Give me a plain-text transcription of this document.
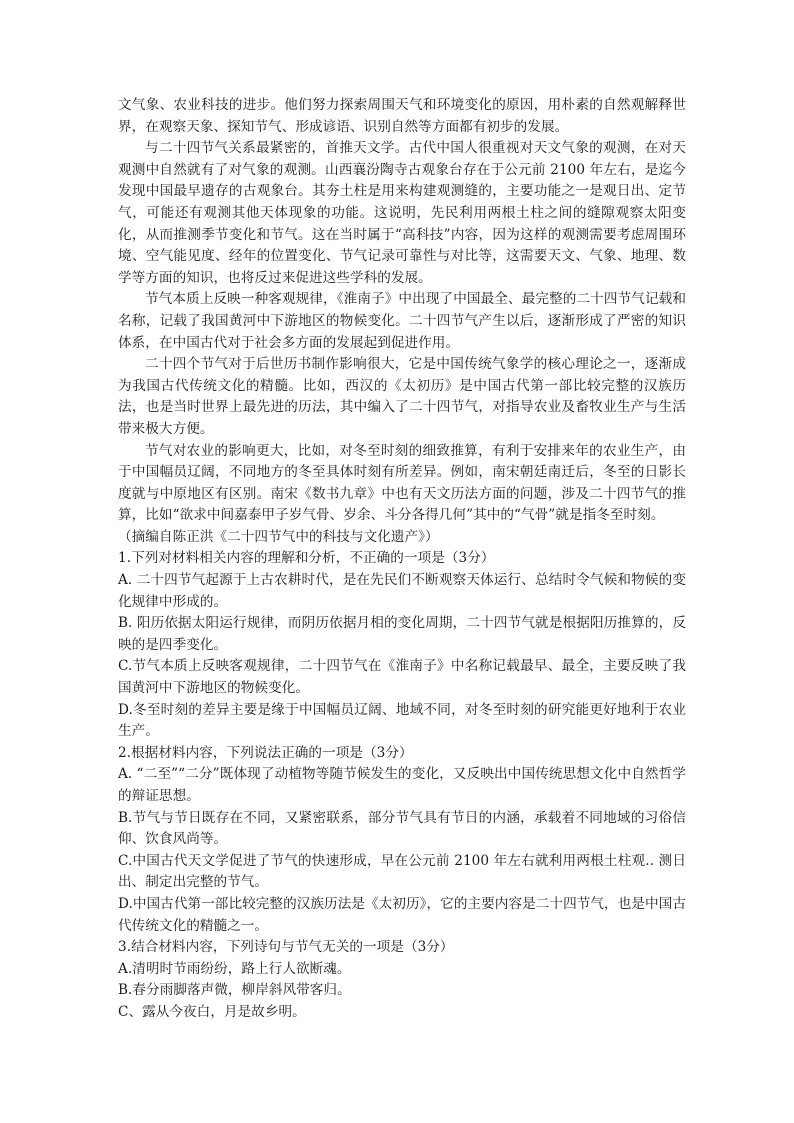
文气象、农业科技的进步。他们努力探索周围天气和环境变化的原因，用朴素的自然观解释世界，在观察天象、探知节气、形成谚语、识别自然等方面都有初步的发展。

与二十四节气关系最紧密的，首推天文学。古代中国人很重视对天文气象的观测，在对天观测中自然就有了对气象的观测。山西襄汾陶寺古观象台存在于公元前 2100 年左右，是迄今发现中国最早遗存的古观象台。其夯土柱是用来构建观测缝的，主要功能之一是观日出、定节气，可能还有观测其他天体现象的功能。这说明，先民利用两根土柱之间的缝隙观察太阳变化，从而推测季节变化和节气。这在当时属于“高科技”内容，因为这样的观测需要考虑周围环境、空气能见度、经年的位置变化、节气记录可靠性与对比等，这需要天文、气象、地理、数学等方面的知识，也将反过来促进这些学科的发展。

节气本质上反映一种客观规律，《淮南子》中出现了中国最全、最完整的二十四节气记载和名称，记载了我国黄河中下游地区的物候变化。二十四节气产生以后，逐渐形成了严密的知识体系，在中国古代对于社会多方面的发展起到促进作用。

二十四个节气对于后世历书制作影响很大，它是中国传统气象学的核心理论之一，逐渐成为我国古代传统文化的精髓。比如，西汉的《太初历》是中国古代第一部比较完整的汉族历法，也是当时世界上最先进的历法，其中编入了二十四节气，对指导农业及畜牧业生产与生活带来极大方便。

节气对农业的影响更大，比如，对冬至时刻的细致推算，有利于安排来年的农业生产，由于中国幅员辽阔，不同地方的冬至具体时刻有所差异。例如，南宋朝廷南迁后，冬至的日影长度就与中原地区有区别。南宋《数书九章》中也有天文历法方面的问题，涉及二十四节气的推算，比如“欲求中间嘉泰甲子岁气骨、岁余、斗分各得几何”其中的“气骨”就是指冬至时刻。

（摘编自陈正洪《二十四节气中的科技与文化遗产》）

1.下列对材料相关内容的理解和分析，不正确的一项是（3分）

A. 二十四节气起源于上古农耕时代，是在先民们不断观察天体运行、总结时令气候和物候的变化规律中形成的。

B. 阳历依据太阳运行规律，而阴历依据月相的变化周期，二十四节气就是根据阳历推算的，反映的是四季变化。

C.节气本质上反映客观规律，二十四节气在《淮南子》中名称记载最早、最全，主要反映了我国黄河中下游地区的物候变化。

D.冬至时刻的差异主要是缘于中国幅员辽阔、地域不同，对冬至时刻的研究能更好地利于农业生产。

2.根据材料内容，下列说法正确的一项是（3分）

A. “二至”“二分”既体现了动植物等随节候发生的变化，又反映出中国传统思想文化中自然哲学的辩证思想。

B.节气与节日既存在不同，又紧密联系，部分节气具有节日的内涵，承载着不同地域的习俗信仰、饮食风尚等。

C.中国古代天文学促进了节气的快速形成，早在公元前 2100 年左右就利用两根土柱观.. 测日出、制定出完整的节气。

D.中国古代第一部比较完整的汉族历法是《太初历》，它的主要内容是二十四节气，也是中国古代传统文化的精髓之一。

3.结合材料内容，下列诗句与节气无关的一项是（3分）

A.清明时节雨纷纷，路上行人欲断魂。

B.春分雨脚落声微，柳岸斜风带客归。

C、露从今夜白，月是故乡明。
